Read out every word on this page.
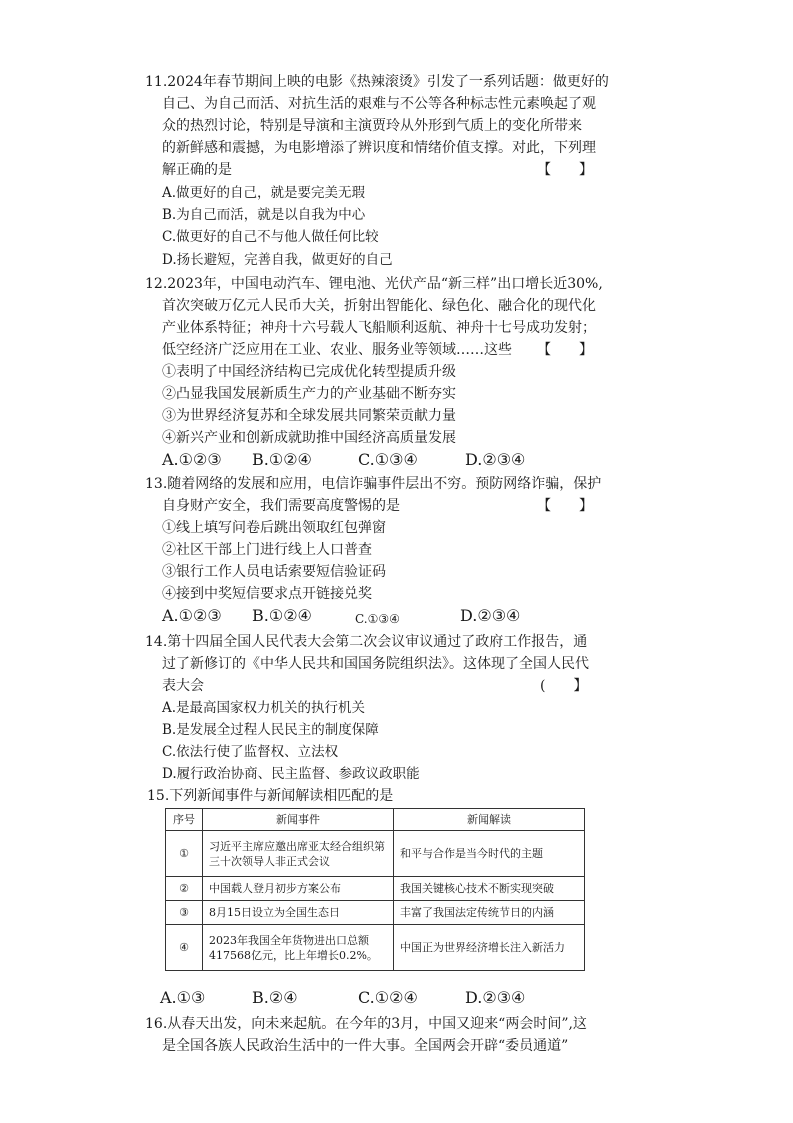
11.2024年春节期间上映的电影《热辣滚烫》引发了一系列话题：做更好的
自己、为自己而活、对抗生活的艰难与不公等各种标志性元素唤起了观
众的热烈讨论，特别是导演和主演贾玲从外形到气质上的变化所带来
的新鲜感和震撼，为电影增添了辨识度和情绪价值支撑。对此，下列理
解正确的是	【　　】
A.做更好的自己，就是要完美无瑕
B.为自己而活，就是以自我为中心
C.做更好的自己不与他人做任何比较
D.扬长避短，完善自我，做更好的自己
12.2023年，中国电动汽车、锂电池、光伏产品“新三样”出口增长近30%,
首次突破万亿元人民币大关，折射出智能化、绿色化、融合化的现代化
产业体系特征；神舟十六号载人飞船顺利返航、神舟十七号成功发射；
低空经济广泛应用在工业、农业、服务业等领域……这些 【　　】
①表明了中国经济结构已完成优化转型提质升级
②凸显我国发展新质生产力的产业基础不断夯实
③为世界经济复苏和全球发展共同繁荣贡献力量
④新兴产业和创新成就助推中国经济高质量发展
A.①②③ B.①②④	C.①③④	D.②③④
13.随着网络的发展和应用，电信诈骗事件层出不穷。预防网络诈骗，保护
自身财产安全，我们需要高度警惕的是	【　　】
①线上填写问卷后跳出领取红包弹窗
②社区干部上门进行线上人口普查
③银行工作人员电话索要短信验证码
④接到中奖短信要求点开链接兑奖
A.①②③ B.①②④	C.①③④	D.②③④
14.第十四届全国人民代表大会第二次会议审议通过了政府工作报告，通
过了新修订的《中华人民共和国国务院组织法》。这体现了全国人民代
表大会	(　　】
A.是最高国家权力机关的执行机关
B.是发展全过程人民民主的制度保障
C.依法行使了监督权、立法权
D.履行政治协商、民主监督、参政议政职能
15.下列新闻事件与新闻解读相匹配的是
序号	新闻事件	新闻解读
①	习近平主席应邀出席亚太经合组织第三十次领导人非正式会议	和平与合作是当今时代的主题
②	中国载人登月初步方案公布	我国关键核心技术不断实现突破
③	8月15日设立为全国生态日	丰富了我国法定传统节日的内涵
④	2023年我国全年货物进出口总额417568亿元，比上年增长0.2%。	中国正为世界经济增长注入新活力
A.①③	B.②④	C.①②④	D.②③④
16.从春天出发，向未来起航。在今年的3月，中国又迎来“两会时间”,这
是全国各族人民政治生活中的一件大事。全国两会开辟“委员通道”
